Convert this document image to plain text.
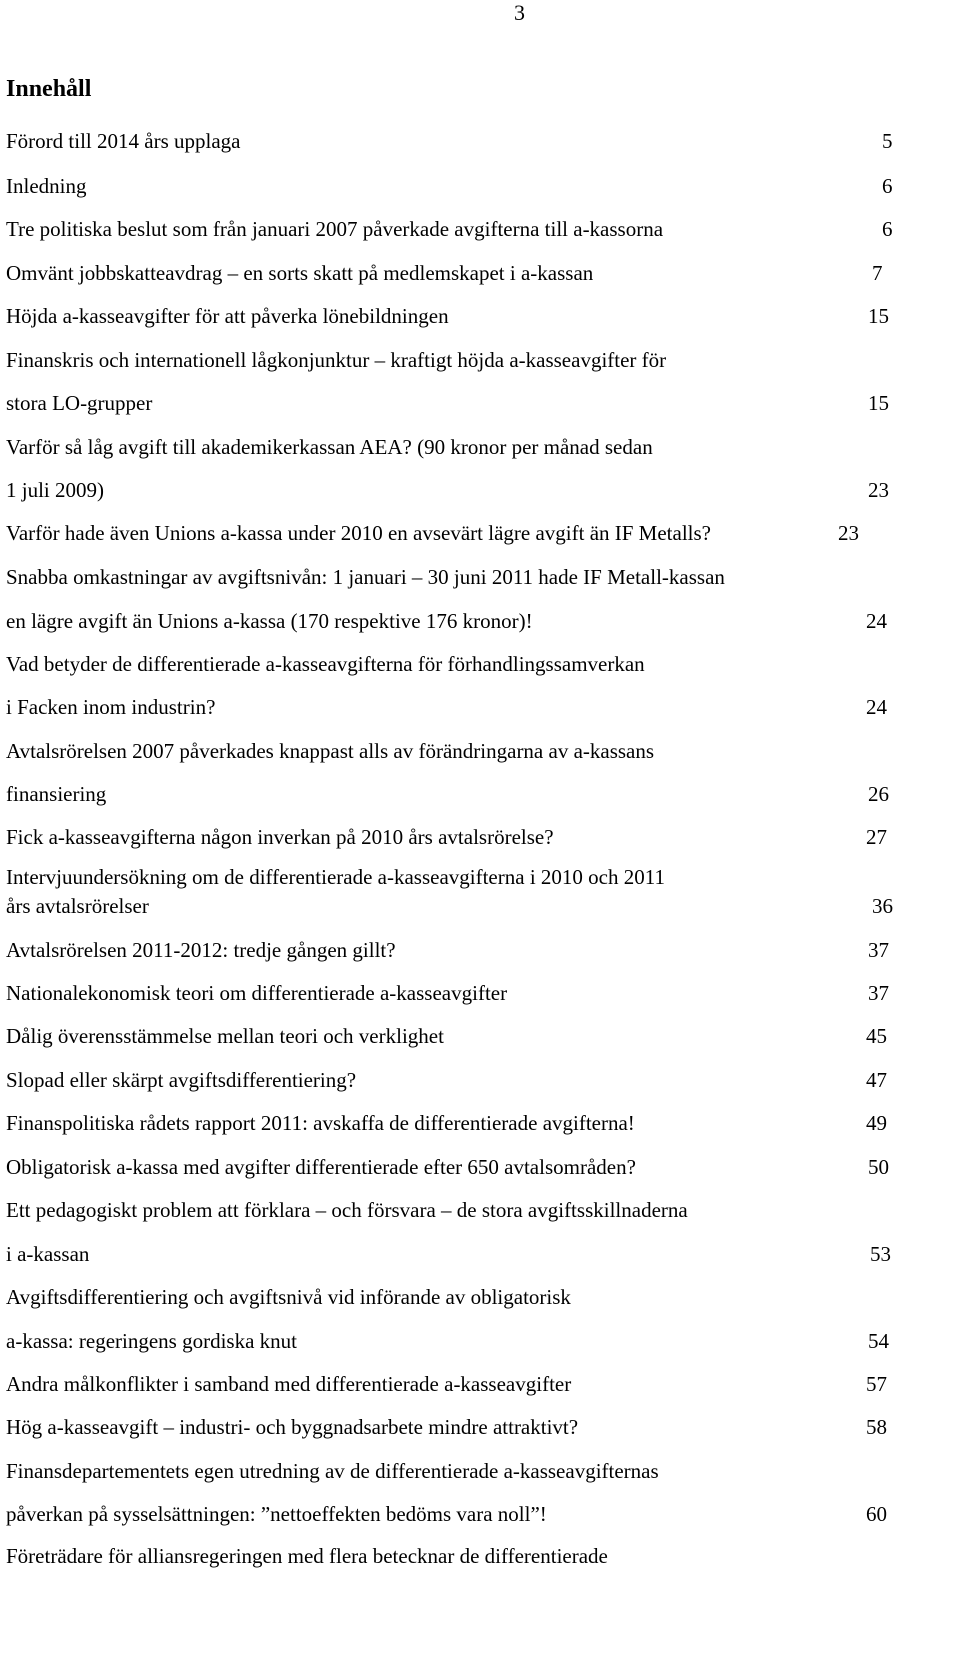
3
Innehåll
Förord till 2014 års upplaga	5
Inledning	6
Tre politiska beslut som från januari 2007 påverkade avgifterna till a-kassorna	6
Omvänt jobbskatteavdrag – en sorts skatt på medlemskapet i a-kassan	7
Höjda a-kasseavgifter för att påverka lönebildningen	15
Finanskris och internationell lågkonjunktur – kraftigt höjda a-kasseavgifter för
stora LO-grupper	15
Varför så låg avgift till akademikerkassan AEA? (90 kronor per månad sedan
1 juli 2009)	23
Varför hade även Unions a-kassa under 2010 en avsevärt lägre avgift än IF Metalls?	23
Snabba omkastningar av avgiftsnivån: 1 januari – 30 juni 2011 hade IF Metall-kassan
en lägre avgift än Unions a-kassa (170 respektive 176 kronor)!	24
Vad betyder de differentierade a-kasseavgifterna för förhandlingssamverkan
i Facken inom industrin?	24
Avtalsrörelsen 2007 påverkades knappast alls av förändringarna av a-kassans
finansiering	26
Fick a-kasseavgifterna någon inverkan på 2010 års avtalsrörelse?	27
Intervjuundersökning om de differentierade a-kasseavgifterna i 2010 och 2011
års avtalsrörelser	36
Avtalsrörelsen 2011-2012: tredje gången gillt?	37
Nationalekonomisk teori om differentierade a-kasseavgifter	37
Dålig överensstämmelse mellan teori och verklighet	45
Slopad eller skärpt avgiftsdifferentiering?	47
Finanspolitiska rådets rapport 2011: avskaffa de differentierade avgifterna!	49
Obligatorisk a-kassa med avgifter differentierade efter 650 avtalsområden?	50
Ett pedagogiskt problem att förklara – och försvara – de stora avgiftsskillnaderna
i a-kassan	53
Avgiftsdifferentiering och avgiftsnivå vid införande av obligatorisk
a-kassa: regeringens gordiska knut	54
Andra målkonflikter i samband med differentierade a-kasseavgifter	57
Hög a-kasseavgift – industri- och byggnadsarbete mindre attraktivt?	58
Finansdepartementets egen utredning av de differentierade a-kasseavgifternas
påverkan på sysselsättningen: ”nettoeffekten bedöms vara noll”!	60
Företrädare för alliansregeringen med flera betecknar de differentierade
